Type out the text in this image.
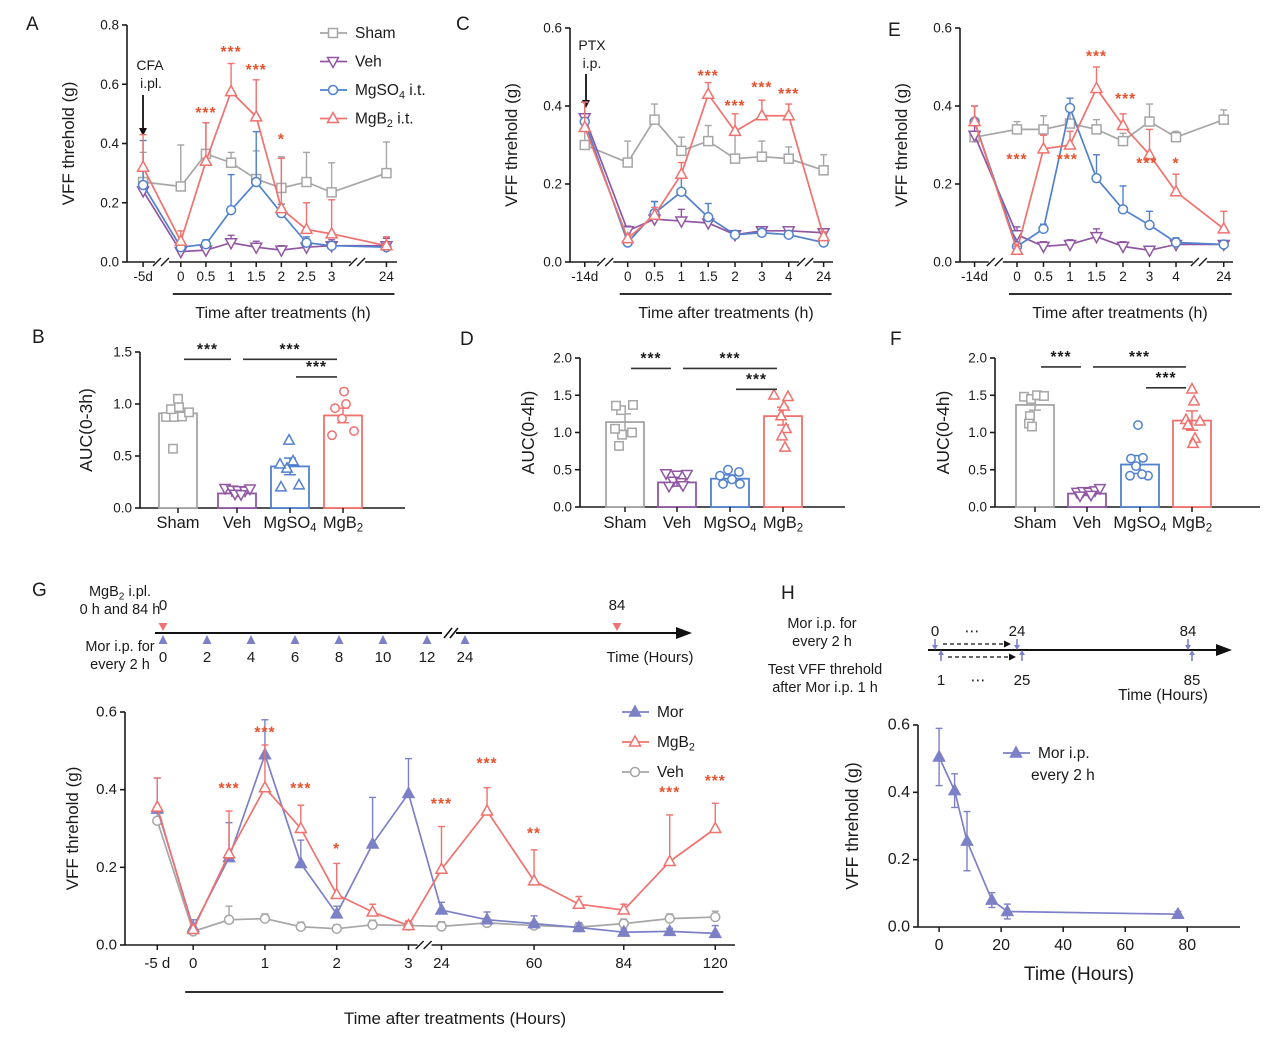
0.0
0.2
0.4
0.6
0.8
-5d 0 0.5 1 1.5 2 2.5 3	24
VFF threhold (g)
Time after treatments (h)
CFA
i.pl.
***
***
***
*
Sham
Veh
MgSO$_4$ i.t.
MgB$_2$ i.t.
0.0
0.5
1.0
1.5
AUC(0-3h)
Sham Veh MgSO$_4$ MgB$_2$
***	***
***
0.0
0.2
0.4
0.6
-14d 0 0.5 1 1.5 2 3 4 24
VFF threhold (g)
Time after treatments (h)
PTX
i.p.
***
***
*** ***
0.0
0.5
1.0
1.5
2.0
AUC(0-4h)
Sham Veh MgSO$_4$ MgB$_2$
***	***
***
0.0
0.2
0.4
0.6
-14d 0 0.5 1 1.5 2 3 4	24
VFF threhold (g)
Time after treatments (h)
*** ***
***
***
*** *
0.0
0.5
1.0
1.5
2.0
AUC(0-4h)
Sham Veh MgSO$_4$ MgB$_2$
***	***
***
MgB$_2$ i.pl.
0 h and 84 h
Mor i.p. for
every 2 h
0	84
0 2 4 6 8 10 12 24	Time (Hours)
0.0
0.2
0.4
0.6
-5 d 0	1	2	3 24	60	84	120
VFF threhold (g)
Time after treatments (Hours)
***
***
***
*
***
***
**
***
***
Mor
MgB$_2$
Veh
Mor i.p. for
every 2 h
Test VFF threhold
after Mor i.p. 1 h
0 ⋯ 24	84
1 ⋯ 25	85
Time (Hours)
0.0
0.2
0.4
0.6
0	20	40	60	80
VFF threhold (g)
Time (Hours)
Mor i.p.
every 2 h
A
B
C
D
E
F
G	H
